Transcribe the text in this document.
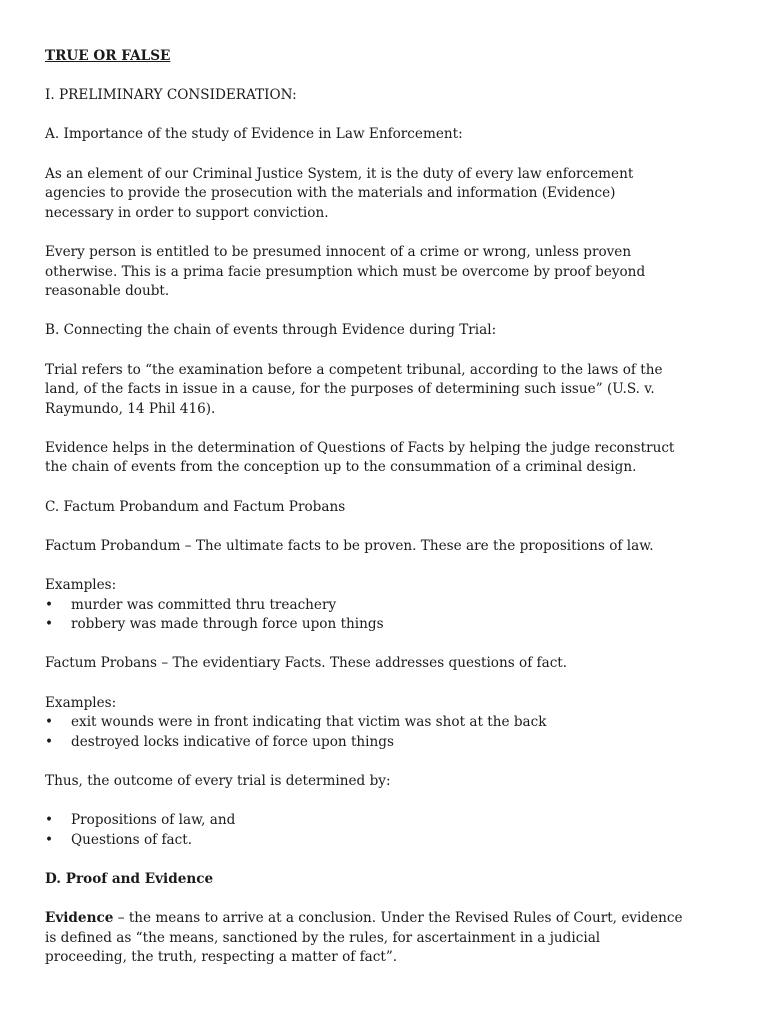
TRUE OR FALSE
I. PRELIMINARY CONSIDERATION:
A. Importance of the study of Evidence in Law Enforcement:
As an element of our Criminal Justice System, it is the duty of every law enforcement
agencies to provide the prosecution with the materials and information (Evidence)
necessary in order to support conviction.
Every person is entitled to be presumed innocent of a crime or wrong, unless proven
otherwise. This is a prima facie presumption which must be overcome by proof beyond
reasonable doubt.
B. Connecting the chain of events through Evidence during Trial:
Trial refers to “the examination before a competent tribunal, according to the laws of the
land, of the facts in issue in a cause, for the purposes of determining such issue” (U.S. v.
Raymundo, 14 Phil 416).
Evidence helps in the determination of Questions of Facts by helping the judge reconstruct
the chain of events from the conception up to the consummation of a criminal design.
C. Factum Probandum and Factum Probans
Factum Probandum – The ultimate facts to be proven. These are the propositions of law.
Examples:
•	murder was committed thru treachery
•	robbery was made through force upon things
Factum Probans – The evidentiary Facts. These addresses questions of fact.
Examples:
•	exit wounds were in front indicating that victim was shot at the back
•	destroyed locks indicative of force upon things
Thus, the outcome of every trial is determined by:
•	Propositions of law, and
•	Questions of fact.
D. Proof and Evidence
Evidence – the means to arrive at a conclusion. Under the Revised Rules of Court, evidence
is defined as “the means, sanctioned by the rules, for ascertainment in a judicial
proceeding, the truth, respecting a matter of fact”.
